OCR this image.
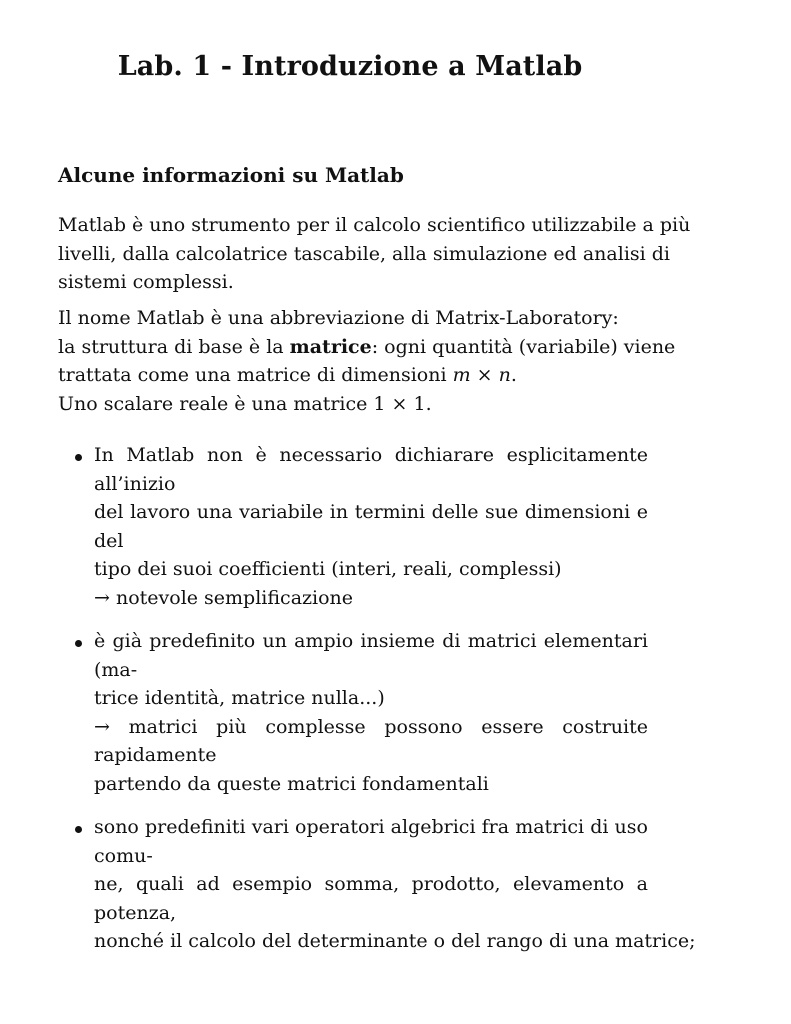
Lab. 1 - Introduzione a Matlab
Alcune informazioni su Matlab
Matlab è uno strumento per il calcolo scientifico utilizzabile a più
livelli, dalla calcolatrice tascabile, alla simulazione ed analisi di
sistemi complessi.
Il nome Matlab è una abbreviazione di Matrix-Laboratory:
la struttura di base è la matrice: ogni quantità (variabile) viene
trattata come una matrice di dimensioni m × n.
Uno scalare reale è una matrice 1 × 1.
In Matlab non è necessario dichiarare esplicitamente all’inizio
del lavoro una variabile in termini delle sue dimensioni e del
tipo dei suoi coefficienti (interi, reali, complessi)
→ notevole semplificazione
è già predefinito un ampio insieme di matrici elementari (ma-
trice identità, matrice nulla...)
→ matrici più complesse possono essere costruite rapidamente
partendo da queste matrici fondamentali
sono predefiniti vari operatori algebrici fra matrici di uso comu-
ne, quali ad esempio somma, prodotto, elevamento a potenza,
nonché il calcolo del determinante o del rango di una matrice;
